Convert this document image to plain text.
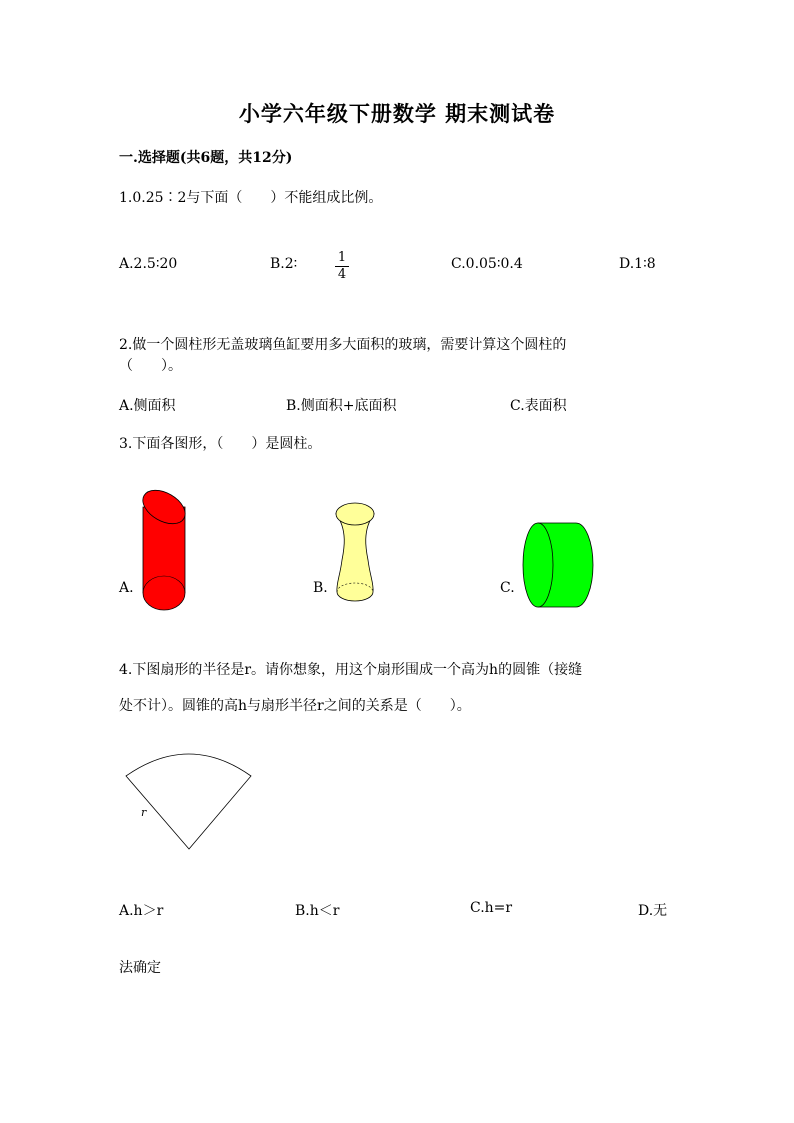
小学六年级下册数学 期末测试卷
一.选择题(共6题，共12分)
1.0.25∶2与下面（　　）不能组成比例。
A.2.5∶20	B.2∶	1
4
C.0.05∶0.4	D.1∶8
2.做一个圆柱形无盖玻璃鱼缸要用多大面积的玻璃，需要计算这个圆柱的
（　　）。
A.侧面积	B.侧面积+底面积	C.表面积
3.下面各图形，（　　）是圆柱。
A.	B.	C.
4.下图扇形的半径是r。请你想象，用这个扇形围成一个高为h的圆锥（接缝
处不计）。圆锥的高h与扇形半径r之间的关系是（　　）。
r
A.h＞r	B.h＜r	C.h=r	D.无
法确定
